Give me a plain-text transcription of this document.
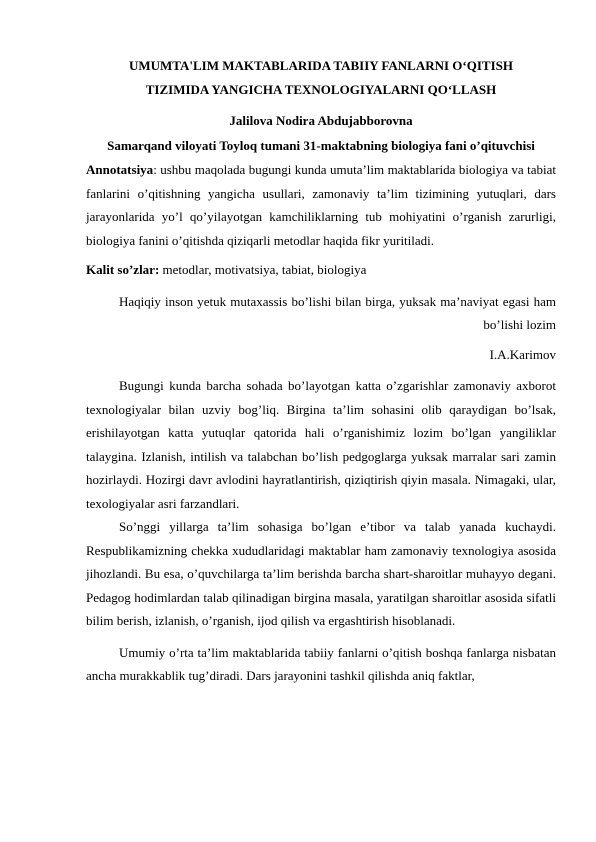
UMUMTA'LIM MAKTABLARIDA TABIIY FANLARNI O‘QITISH
TIZIMIDA YANGICHA TEXNOLOGIYALARNI QO‘LLASH
Jalilova Nodira Abdujabborovna
Samarqand viloyati Toyloq tumani 31-maktabning biologiya fani o’qituvchisi

Annotatsiya: ushbu maqolada bugungi kunda umuta’lim maktablarida biologiya va tabiat fanlarini o’qitishning yangicha usullari, zamonaviy ta’lim tizimining yutuqlari, dars jarayonlarida yo’l qo’yilayotgan kamchiliklarning tub mohiyatini o’rganish zarurligi, biologiya fanini o’qitishda qiziqarli metodlar haqida fikr yuritiladi.

Kalit so’zlar: metodlar, motivatsiya, tabiat, biologiya

Haqiqiy inson yetuk mutaxassis bo’lishi bilan birga, yuksak ma’naviyat egasi ham bo’lishi lozim

I.A.Karimov

Bugungi kunda barcha sohada bo’layotgan katta o’zgarishlar zamonaviy axborot texnologiyalar bilan uzviy bog’liq. Birgina ta’lim sohasini olib qaraydigan bo’lsak, erishilayotgan katta yutuqlar qatorida hali o’rganishimiz lozim bo’lgan yangiliklar talaygina. Izlanish, intilish va talabchan bo’lish pedgoglarga yuksak marralar sari zamin hozirlaydi. Hozirgi davr avlodini hayratlantirish, qiziqtirish qiyin masala. Nimagaki, ular, texologiyalar asri farzandlari.

So’nggi yillarga ta’lim sohasiga bo’lgan e’tibor va talab yanada kuchaydi. Respublikamizning chekka xududlaridagi maktablar ham zamonaviy texnologiya asosida jihozlandi. Bu esa, o’quvchilarga ta’lim berishda barcha shart-sharoitlar muhayyo degani. Pedagog hodimlardan talab qilinadigan birgina masala, yaratilgan sharoitlar asosida sifatli bilim berish, izlanish, o’rganish, ijod qilish va ergashtirish hisoblanadi.

Umumiy o’rta ta’lim maktablarida tabiiy fanlarni o’qitish boshqa fanlarga nisbatan ancha murakkablik tug’diradi. Dars jarayonini tashkil qilishda aniq faktlar,
